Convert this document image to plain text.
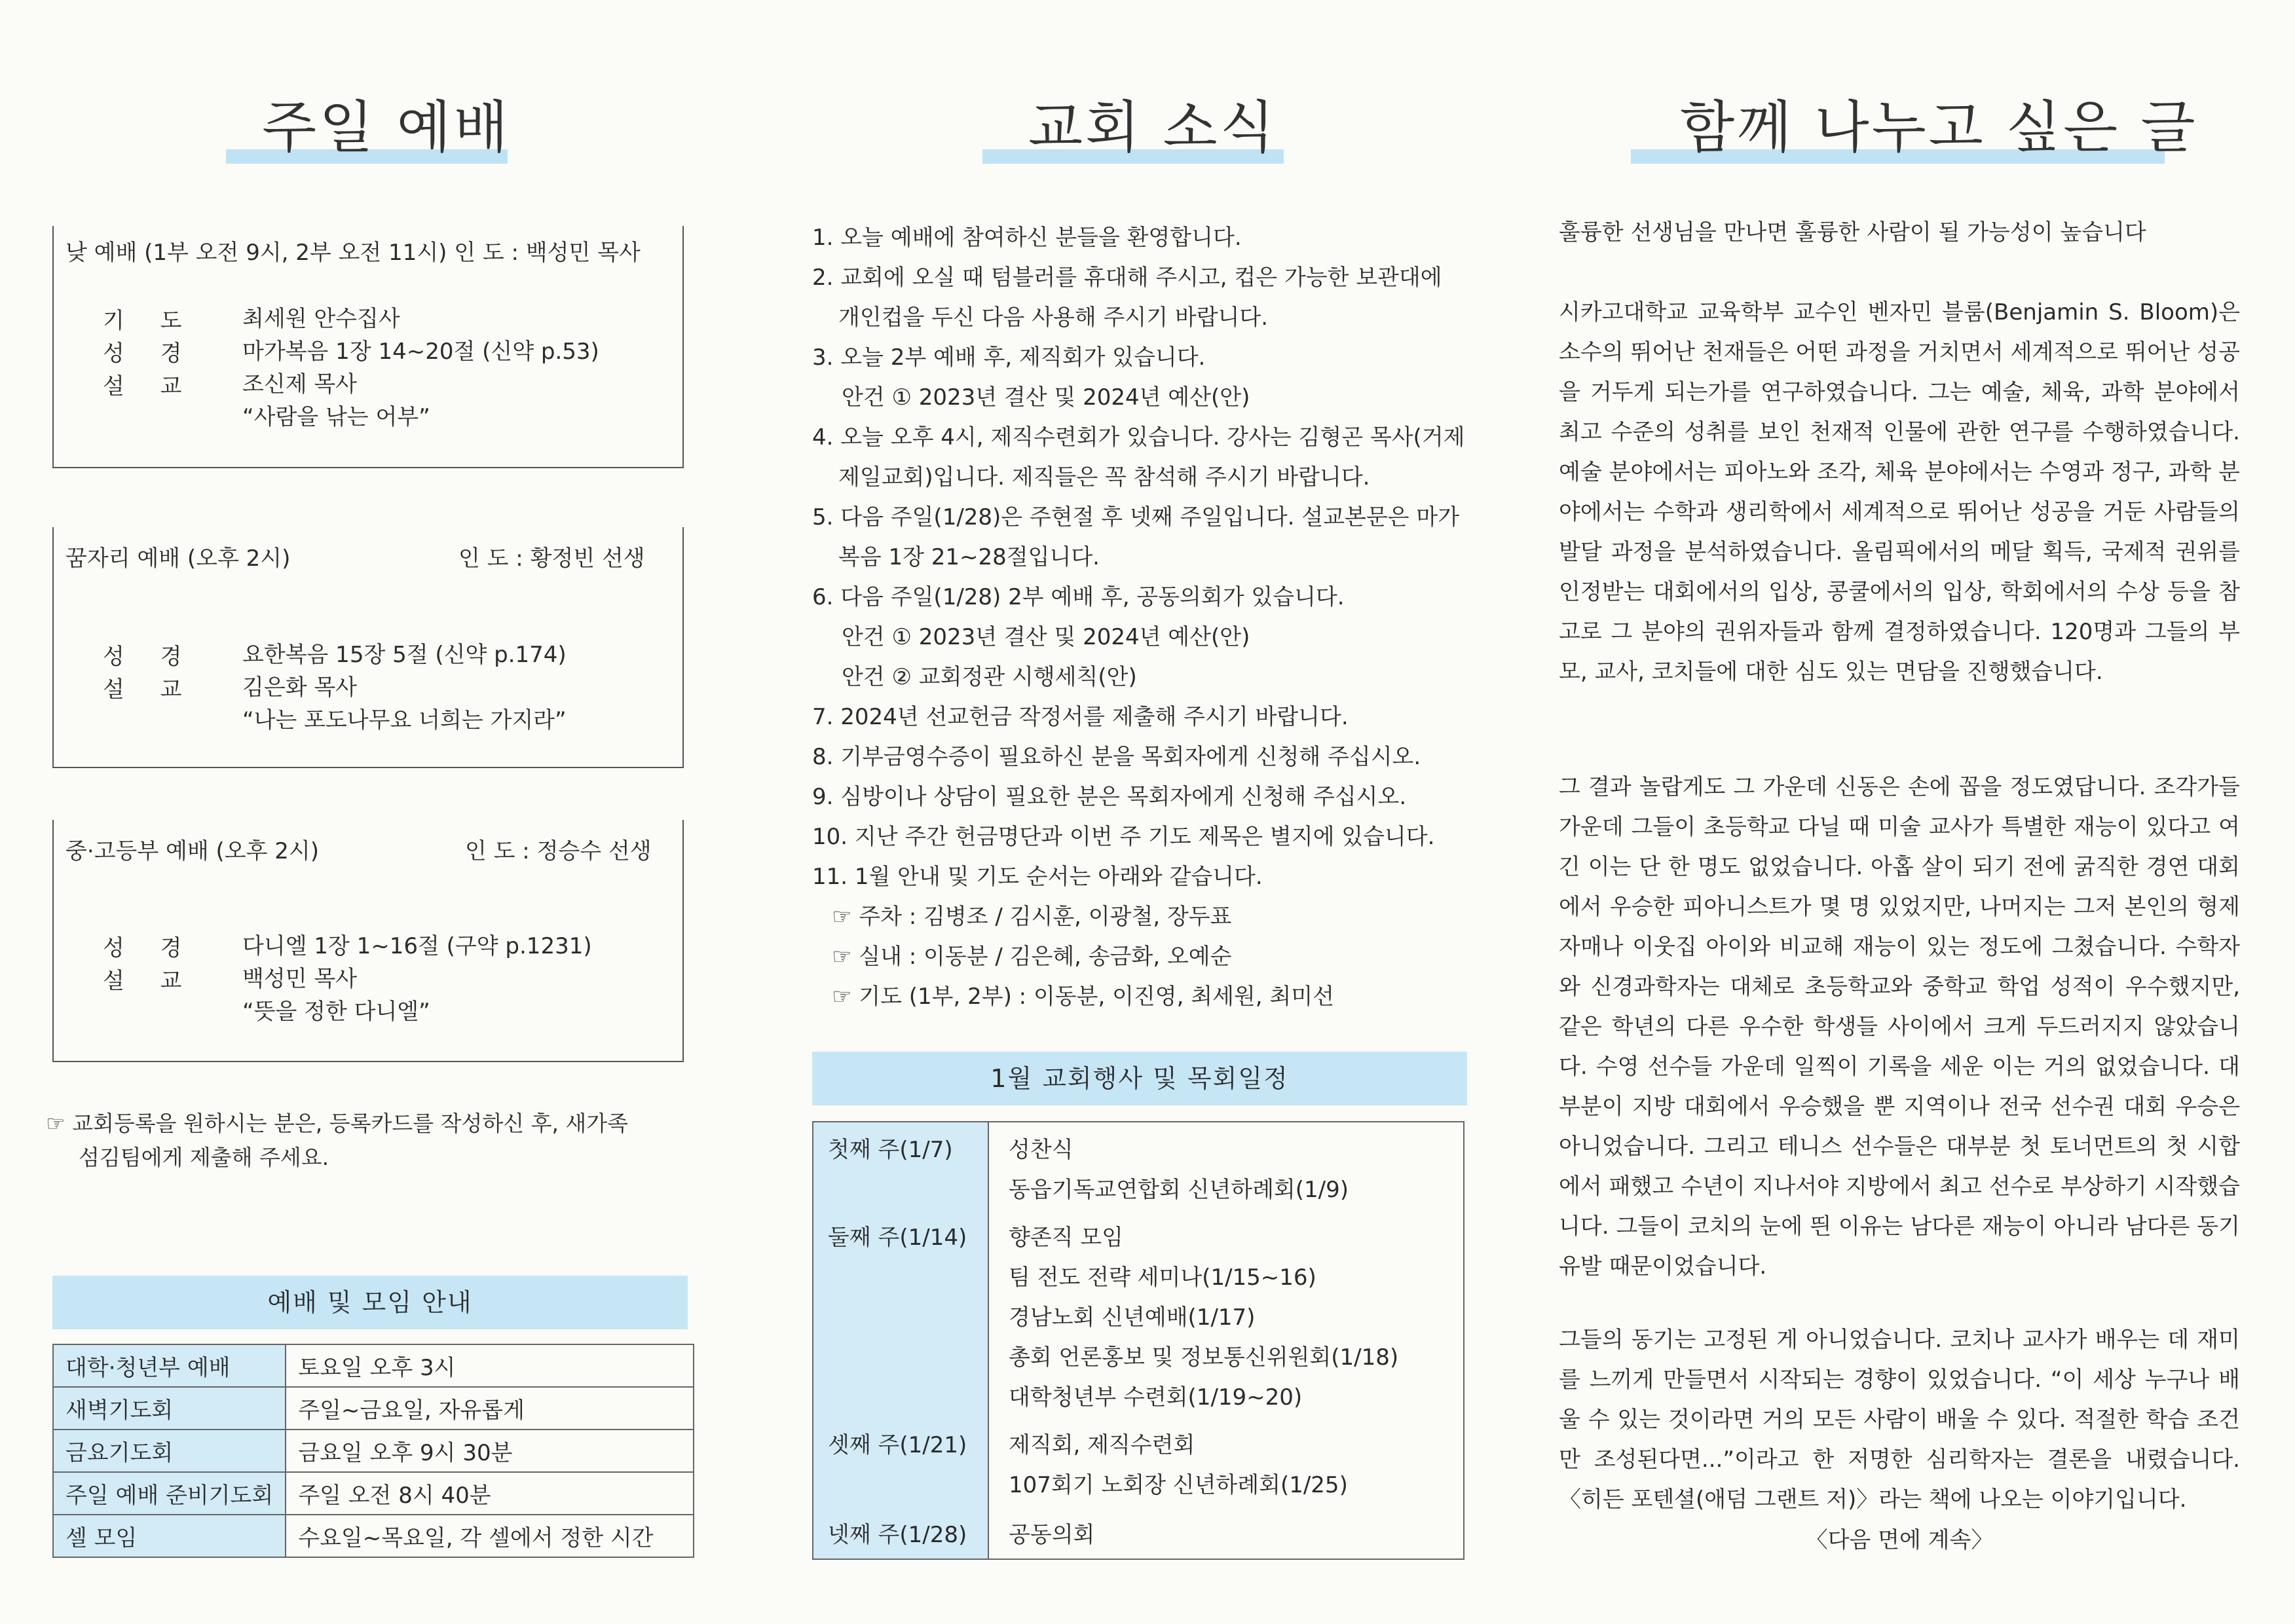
주일 예배
낮 예배 (1부 오전 9시, 2부 오전 11시) 인 도 : 백성민 목사
기 도 최세원 안수집사
성 경 마가복음 1장 14~20절 (신약 p.53)
설 교 조신제 목사
“사람을 낚는 어부”
꿈자리 예배 (오후 2시)	인 도 : 황정빈 선생
성 경 요한복음 15장 5절 (신약 p.174)
설 교 김은화 목사
“나는 포도나무요 너희는 가지라”
중·고등부 예배 (오후 2시)	인 도 : 정승수 선생
성 경 다니엘 1장 1~16절 (구약 p.1231)
설 교 백성민 목사
“뜻을 정한 다니엘”
☞ 교회등록을 원하시는 분은, 등록카드를 작성하신 후, 새가족
섬김팀에게 제출해 주세요.
예배 및 모임 안내
대학·청년부 예배	토요일 오후 3시
새벽기도회	주일~금요일, 자유롭게
금요기도회	금요일 오후 9시 30분
주일 예배 준비기도회	주일 오전 8시 40분
셀 모임	수요일~목요일, 각 셀에서 정한 시간
교회 소식
1. 오늘 예배에 참여하신 분들을 환영합니다.
2. 교회에 오실 때 텀블러를 휴대해 주시고, 컵은 가능한 보관대에
개인컵을 두신 다음 사용해 주시기 바랍니다.
3. 오늘 2부 예배 후, 제직회가 있습니다.
안건 ① 2023년 결산 및 2024년 예산(안)
4. 오늘 오후 4시, 제직수련회가 있습니다. 강사는 김형곤 목사(거제
제일교회)입니다. 제직들은 꼭 참석해 주시기 바랍니다.
5. 다음 주일(1/28)은 주현절 후 넷째 주일입니다. 설교본문은 마가
복음 1장 21~28절입니다.
6. 다음 주일(1/28) 2부 예배 후, 공동의회가 있습니다.
안건 ① 2023년 결산 및 2024년 예산(안)
안건 ② 교회정관 시행세칙(안)
7. 2024년 선교헌금 작정서를 제출해 주시기 바랍니다.
8. 기부금영수증이 필요하신 분을 목회자에게 신청해 주십시오.
9. 심방이나 상담이 필요한 분은 목회자에게 신청해 주십시오.
10. 지난 주간 헌금명단과 이번 주 기도 제목은 별지에 있습니다.
11. 1월 안내 및 기도 순서는 아래와 같습니다.
☞ 주차 : 김병조 / 김시훈, 이광철, 장두표
☞ 실내 : 이동분 / 김은혜, 송금화, 오예순
☞ 기도 (1부, 2부) : 이동분, 이진영, 최세원, 최미선
1월 교회행사 및 목회일정
첫째 주(1/7)	성찬식
동읍기독교연합회 신년하례회(1/9)
둘째 주(1/14) 향존직 모임
팀 전도 전략 세미나(1/15~16)
경남노회 신년예배(1/17)
총회 언론홍보 및 정보통신위원회(1/18)
대학청년부 수련회(1/19~20)
셋째 주(1/21) 제직회, 제직수련회
107회기 노회장 신년하례회(1/25)
넷째 주(1/28) 공동의회
함께 나누고 싶은 글
훌륭한 선생님을 만나면 훌륭한 사람이 될 가능성이 높습니다
시카고대학교 교육학부 교수인 벤자민 블룸(Benjamin S. Bloom)은 소수의 뛰어난 천재들은 어떤 과정을 거치면서 세계적으로 뛰어난 성공을 거두게 되는가를 연구하였습니다. 그는 예술, 체육, 과학 분야에서 최고 수준의 성취를 보인 천재적 인물에 관한 연구를 수행하였습니다. 예술 분야에서는 피아노와 조각, 체육 분야에서는 수영과 정구, 과학 분야에서는 수학과 생리학에서 세계적으로 뛰어난 성공을 거둔 사람들의 발달 과정을 분석하였습니다. 올림픽에서의 메달 획득, 국제적 권위를 인정받는 대회에서의 입상, 콩쿨에서의 입상, 학회에서의 수상 등을 참고로 그 분야의 권위자들과 함께 결정하였습니다. 120명과 그들의 부모, 교사, 코치들에 대한 심도 있는 면담을 진행했습니다.
그 결과 놀랍게도 그 가운데 신동은 손에 꼽을 정도였답니다. 조각가들 가운데 그들이 초등학교 다닐 때 미술 교사가 특별한 재능이 있다고 여긴 이는 단 한 명도 없었습니다. 아홉 살이 되기 전에 굵직한 경연 대회에서 우승한 피아니스트가 몇 명 있었지만, 나머지는 그저 본인의 형제자매나 이웃집 아이와 비교해 재능이 있는 정도에 그쳤습니다. 수학자와 신경과학자는 대체로 초등학교와 중학교 학업 성적이 우수했지만, 같은 학년의 다른 우수한 학생들 사이에서 크게 두드러지지 않았습니다. 수영 선수들 가운데 일찍이 기록을 세운 이는 거의 없었습니다. 대부분이 지방 대회에서 우승했을 뿐 지역이나 전국 선수권 대회 우승은 아니었습니다. 그리고 테니스 선수들은 대부분 첫 토너먼트의 첫 시합에서 패했고 수년이 지나서야 지방에서 최고 선수로 부상하기 시작했습니다. 그들이 코치의 눈에 띈 이유는 남다른 재능이 아니라 남다른 동기 유발 때문이었습니다.
그들의 동기는 고정된 게 아니었습니다. 코치나 교사가 배우는 데 재미를 느끼게 만들면서 시작되는 경향이 있었습니다. “이 세상 누구나 배울 수 있는 것이라면 거의 모든 사람이 배울 수 있다. 적절한 학습 조건만 조성된다면...”이라고 한 저명한 심리학자는 결론을 내렸습니다. 〈히든 포텐셜(애덤 그랜트 저)〉라는 책에 나오는 이야기입니다.
〈다음 면에 계속〉
